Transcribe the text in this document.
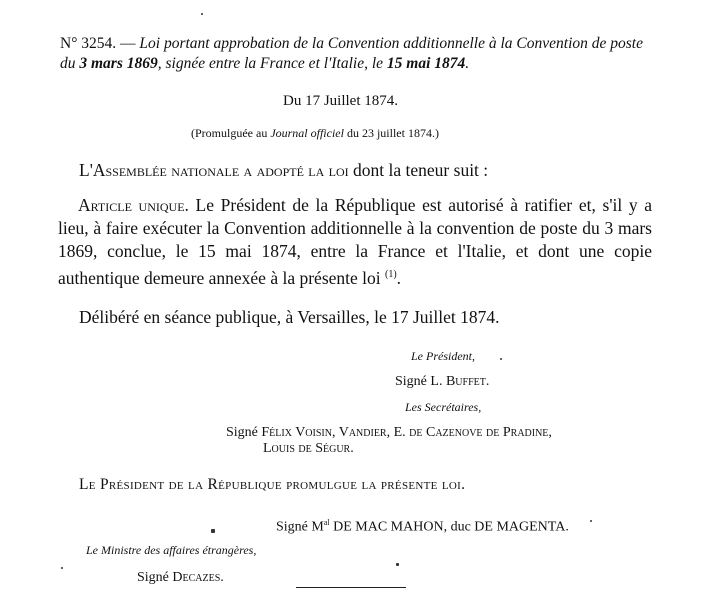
N° 3254. — Loi portant approbation de la Convention additionnelle à la Convention de poste du 3 mars 1869, signée entre la France et l'Italie, le 15 mai 1874.
Du 17 Juillet 1874.
(Promulguée au Journal officiel du 23 juillet 1874.)
L'Assemblée nationale a adopté la loi dont la teneur suit :
Article unique. Le Président de la République est autorisé à ratifier et, s'il y a lieu, à faire exécuter la Convention additionnelle à la convention de poste du 3 mars 1869, conclue, le 15 mai 1874, entre la France et l'Italie, et dont une copie authentique demeure annexée à la présente loi $^{(1)}$.
Délibéré en séance publique, à Versailles, le 17 Juillet 1874.
Le Président,
Signé L. Buffet.
Les Secrétaires,
Signé Félix Voisin, Vandier, E. de Cazenove de Pradine,
Louis de Ségur.
Le Président de la République promulgue la présente loi.
Signé $M^{al}$ DE MAC MAHON, duc DE MAGENTA.
Le Ministre des affaires étrangères,
Signé Decazes.
